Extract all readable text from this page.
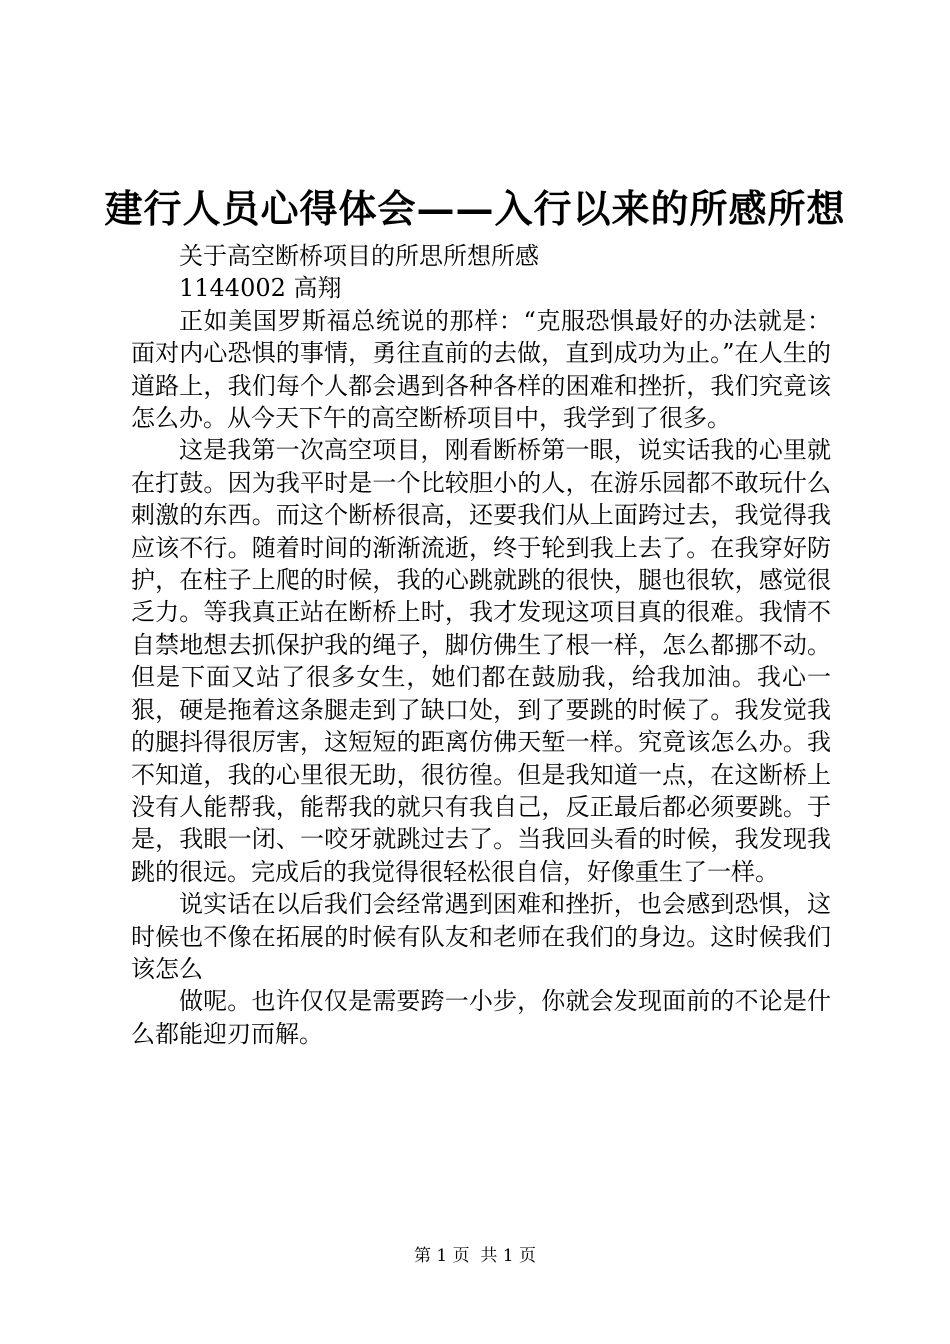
建行人员心得体会——入行以来的所感所想

关于高空断桥项目的所思所想所感

1144002 高翔

正如美国罗斯福总统说的那样：“克服恐惧最好的办法就是：面对内心恐惧的事情，勇往直前的去做，直到成功为止。”在人生的道路上，我们每个人都会遇到各种各样的困难和挫折，我们究竟该怎么办。从今天下午的高空断桥项目中，我学到了很多。

这是我第一次高空项目，刚看断桥第一眼，说实话我的心里就在打鼓。因为我平时是一个比较胆小的人，在游乐园都不敢玩什么刺激的东西。而这个断桥很高，还要我们从上面跨过去，我觉得我应该不行。随着时间的渐渐流逝，终于轮到我上去了。在我穿好防护，在柱子上爬的时候，我的心跳就跳的很快，腿也很软，感觉很乏力。等我真正站在断桥上时，我才发现这项目真的很难。我情不自禁地想去抓保护我的绳子，脚仿佛生了根一样，怎么都挪不动。但是下面又站了很多女生，她们都在鼓励我，给我加油。我心一狠，硬是拖着这条腿走到了缺口处，到了要跳的时候了。我发觉我的腿抖得很厉害，这短短的距离仿佛天堑一样。究竟该怎么办。我不知道，我的心里很无助，很彷徨。但是我知道一点，在这断桥上没有人能帮我，能帮我的就只有我自己，反正最后都必须要跳。于是，我眼一闭、一咬牙就跳过去了。当我回头看的时候，我发现我跳的很远。完成后的我觉得很轻松很自信，好像重生了一样。

说实话在以后我们会经常遇到困难和挫折，也会感到恐惧，这时候也不像在拓展的时候有队友和老师在我们的身边。这时候我们该怎么

做呢。也许仅仅是需要跨一小步，你就会发现面前的不论是什么都能迎刃而解。

第 1 页  共 1 页
